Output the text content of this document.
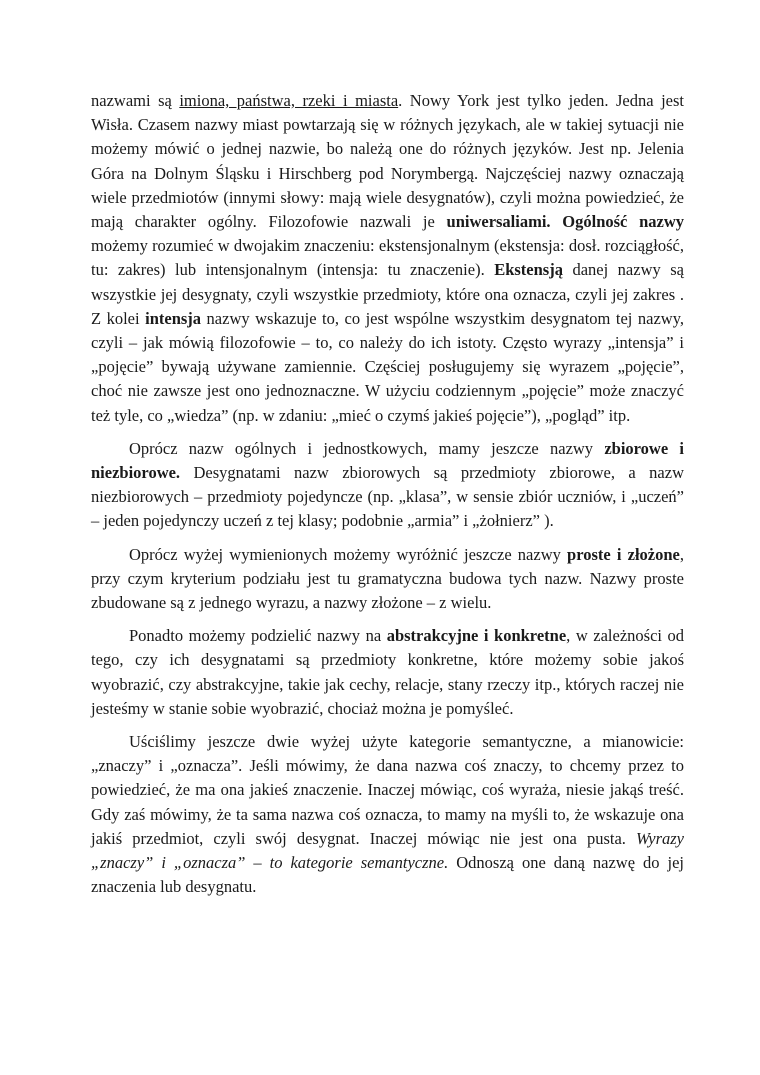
nazwami są imiona, państwa, rzeki i miasta. Nowy York jest tylko jeden. Jedna jest Wisła. Czasem nazwy miast powtarzają się w różnych językach, ale w takiej sytuacji nie możemy mówić o jednej nazwie, bo należą one do różnych języków. Jest np. Jelenia Góra na Dolnym Śląsku i Hirschberg pod Norymbergą. Najczęściej nazwy oznaczają wiele przedmiotów (innymi słowy: mają wiele desygnatów), czyli można powiedzieć, że mają charakter ogólny. Filozofowie nazwali je uniwersaliami. Ogólność nazwy możemy rozumieć w dwojakim znaczeniu: ekstensjonalnym (ekstensja: dosł. rozciągłość, tu: zakres) lub intensjonalnym (intensja: tu znaczenie). Ekstensją danej nazwy są wszystkie jej desygnaty, czyli wszystkie przedmioty, które ona oznacza, czyli jej zakres . Z kolei intensja nazwy wskazuje to, co jest wspólne wszystkim desygnatom tej nazwy, czyli – jak mówią filozofowie – to, co należy do ich istoty. Często wyrazy „intensja” i „pojęcie” bywają używane zamiennie. Częściej posługujemy się wyrazem „pojęcie”, choć nie zawsze jest ono jednoznaczne. W użyciu codziennym „pojęcie” może znaczyć też tyle, co „wiedza” (np. w zdaniu: „mieć o czymś jakieś pojęcie”), „pogląd” itp.

Oprócz nazw ogólnych i jednostkowych, mamy jeszcze nazwy zbiorowe i niezbiorowe. Desygnatami nazw zbiorowych są przedmioty zbiorowe, a nazw niezbiorowych – przedmioty pojedyncze (np. „klasa”, w sensie zbiór uczniów, i „uczeń” – jeden pojedynczy uczeń z tej klasy; podobnie „armia” i „żołnierz” ).

Oprócz wyżej wymienionych możemy wyróżnić jeszcze nazwy proste i złożone, przy czym kryterium podziału jest tu gramatyczna budowa tych nazw. Nazwy proste zbudowane są z jednego wyrazu, a nazwy złożone – z wielu.

Ponadto możemy podzielić nazwy na abstrakcyjne i konkretne, w zależności od tego, czy ich desygnatami są przedmioty konkretne, które możemy sobie jakoś wyobrazić, czy abstrakcyjne, takie jak cechy, relacje, stany rzeczy itp., których raczej nie jesteśmy w stanie sobie wyobrazić, chociaż można je pomyśleć.

Uściślimy jeszcze dwie wyżej użyte kategorie semantyczne, a mianowicie: „znaczy” i „oznacza”. Jeśli mówimy, że dana nazwa coś znaczy, to chcemy przez to powiedzieć, że ma ona jakieś znaczenie. Inaczej mówiąc, coś wyraża, niesie jakąś treść. Gdy zaś mówimy, że ta sama nazwa coś oznacza, to mamy na myśli to, że wskazuje ona jakiś przedmiot, czyli swój desygnat. Inaczej mówiąc nie jest ona pusta. Wyrazy „znaczy” i „oznacza” – to kategorie semantyczne. Odnoszą one daną nazwę do jej znaczenia lub desygnatu.
